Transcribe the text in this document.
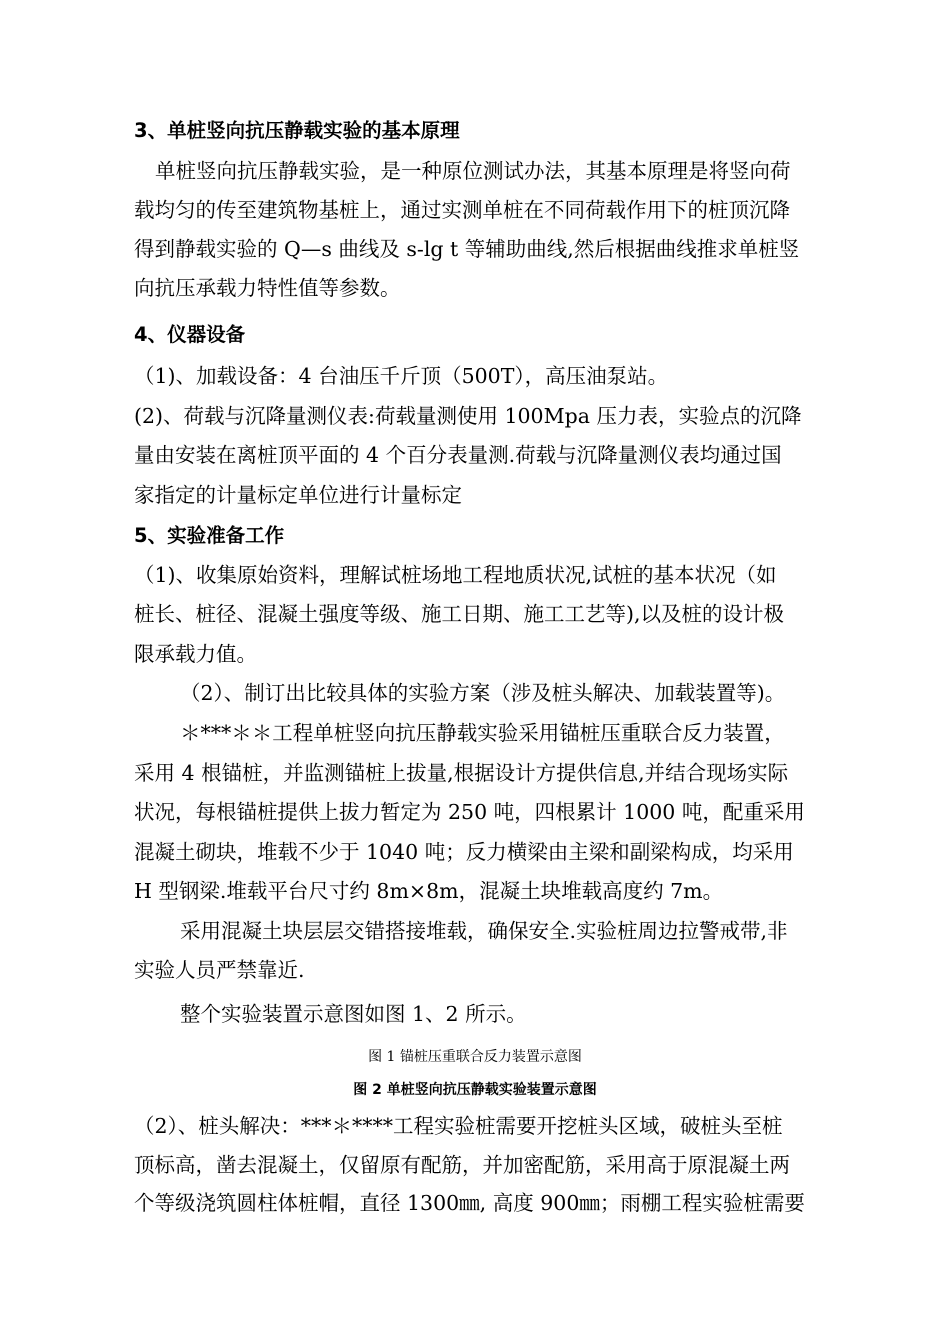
3、单桩竖向抗压静载实验的基本原理
单桩竖向抗压静载实验，是一种原位测试办法，其基本原理是将竖向荷
载均匀的传至建筑物基桩上，通过实测单桩在不同荷载作用下的桩顶沉降
得到静载实验的 Q—s 曲线及 s-lg t 等辅助曲线,然后根据曲线推求单桩竖
向抗压承载力特性值等参数。
4、仪器设备
（1)、加载设备：4 台油压千斤顶（500T），高压油泵站。
(2)、荷载与沉降量测仪表:荷载量测使用 100Mpa 压力表，实验点的沉降
量由安装在离桩顶平面的 4 个百分表量测.荷载与沉降量测仪表均通过国
家指定的计量标定单位进行计量标定
5、实验准备工作
（1)、收集原始资料，理解试桩场地工程地质状况,试桩的基本状况（如
桩长、桩径、混凝土强度等级、施工日期、施工工艺等),以及桩的设计极
限承载力值。
（2）、制订出比较具体的实验方案（涉及桩头解决、加载装置等)。
＊***＊＊工程单桩竖向抗压静载实验采用锚桩压重联合反力装置，
采用 4 根锚桩，并监测锚桩上拔量,根据设计方提供信息,并结合现场实际
状况，每根锚桩提供上拔力暂定为 250 吨，四根累计 1000 吨，配重采用
混凝土砌块，堆载不少于 1040 吨；反力横梁由主梁和副梁构成，均采用
H 型钢梁.堆载平台尺寸约 8m×8m，混凝土块堆载高度约 7m。
采用混凝土块层层交错搭接堆载，确保安全.实验桩周边拉警戒带,非
实验人员严禁靠近.
整个实验装置示意图如图 1、2 所示。
图 1 锚桩压重联合反力装置示意图
图 2 单桩竖向抗压静载实验装置示意图
（2）、桩头解决：***＊****工程实验桩需要开挖桩头区域，破桩头至桩
顶标高，凿去混凝土，仅留原有配筋，并加密配筋，采用高于原混凝土两
个等级浇筑圆柱体桩帽，直径 1300㎜, 高度 900㎜；雨棚工程实验桩需要
